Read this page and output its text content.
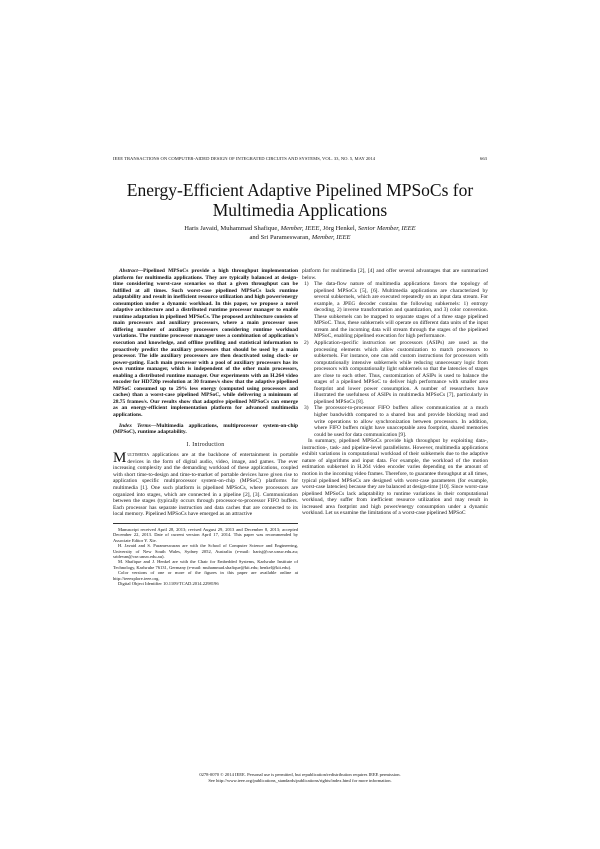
IEEE TRANSACTIONS ON COMPUTER-AIDED DESIGN OF INTEGRATED CIRCUITS AND SYSTEMS, VOL. 33, NO. 5, MAY 2014	663
Energy-Efficient Adaptive Pipelined MPSoCs for
Multimedia Applications
Haris Javaid, Muhammad Shafique, Member, IEEE, Jörg Henkel, Senior Member, IEEE
and Sri Parameswaran, Member, IEEE

Abstract—Pipelined MPSoCs provide a high throughput implementation platform for multimedia applications. They are typically balanced at design-time considering worst-case scenarios so that a given throughput can be fulfilled at all times. Such worst-case pipelined MPSoCs lack runtime adaptability and result in inefficient resource utilization and high power/energy consumption under a dynamic workload. In this paper, we propose a novel adaptive architecture and a distributed runtime processor manager to enable runtime adaptation in pipelined MPSoCs. The proposed architecture consists of main processors and auxiliary processors, where a main processor uses differing number of auxiliary processors considering runtime workload variations. The runtime processor manager uses a combination of application's execution and knowledge, and offline profiling and statistical information to proactively predict the auxiliary processors that should be used by a main processor. The idle auxiliary processors are then deactivated using clock- or power-gating. Each main processor with a pool of auxiliary processors has its own runtime manager, which is independent of the other main processors, enabling a distributed runtime manager. Our experiments with an H.264 video encoder for HD720p resolution at 30 frames/s show that the adaptive pipelined MPSoC consumed up to 29% less energy (computed using processors and caches) than a worst-case pipelined MPSoC, while delivering a minimum of 28.75 frames/s. Our results show that adaptive pipelined MPSoCs can emerge as an energy-efficient implementation platform for advanced multimedia applications.

Index Terms—Multimedia applications, multiprocessor system-on-chip (MPSoC), runtime adaptability.

I. Introduction

Multimedia applications are at the backbone of entertainment in portable devices in the form of digital audio, video, image, and games. The ever increasing complexity and the demanding workload of these applications, coupled with short time-to-design and time-to-market of portable devices have given rise to application specific multiprocessor system-on-chip (MPSoC) platforms for multimedia [1]. One such platform is pipelined MPSoCs, where processors are organized into stages, which are connected in a pipeline [2], [3]. Communication between the stages (typically occurs through processor-to-processor FIFO buffers. Each processor has separate instruction and data caches that are connected to its local memory. Pipelined MPSoCs have emerged as an attractive

Manuscript received April 28, 2013; revised August 29, 2013 and December 8, 2013; accepted December 22, 2013. Date of current version April 17, 2014. This paper was recommended by Associate Editor Y. Xie.

H. Javaid and S. Parameswaran are with the School of Computer Science and Engineering, University of New South Wales, Sydney 2052, Australia (e-mail: harisj@cse.unsw.edu.au; sridevan@cse.unsw.edu.au).

M. Shafique and J. Henkel are with the Chair for Embedded Systems, Karlsruhe Institute of Technology, Karlsruhe 76131, Germany (e-mail: muhammad.shafique@kit.edu; henkel@kit.edu).

Color versions of one or more of the figures in this paper are available online at http://ieeexplore.ieee.org.

Digital Object Identifier 10.1109/TCAD.2014.2298196

platform for multimedia [2], [4] and offer several advantages that are summarized below.

1) The data-flow nature of multimedia applications favors the topology of pipelined MPSoCs [5], [6]. Multimedia applications are characterized by several subkernels, which are executed repeatedly on an input data stream. For example, a JPEG decoder contains the following subkernels: 1) entropy decoding, 2) inverse transformation and quantization, and 3) color conversion. These subkernels can be mapped to separate stages of a three stage pipelined MPSoC. Thus, these subkernels will operate on different data units of the input stream and the incoming data will stream through the stages of the pipelined MPSoC, enabling pipelined execution for high performance.
2) Application-specific instruction set processors (ASIPs) are used as the processing elements which allow customization to match processors to subkernels. For instance, one can add custom instructions for processors with computationally intensive subkernels while reducing unnecessary logic from processors with computationally light subkernels so that the latencies of stages are close to each other. Thus, customization of ASIPs is used to balance the stages of a pipelined MPSoC to deliver high performance with smaller area footprint and lower power consumption. A number of researchers have illustrated the usefulness of ASIPs in multimedia MPSoCs [7], particularly in pipelined MPSoCs [8].
3) The processor-to-processor FIFO buffers allow communication at a much higher bandwidth compared to a shared bus and provide blocking read and write operations to allow synchronization between processors. In addition, where FIFO buffers might have unacceptable area footprint, shared memories could be used for data communication [9].

In summary, pipelined MPSoCs provide high throughput by exploiting data-, instruction-, task- and pipeline-level parallelisms. However, multimedia applications exhibit variations in computational workload of their subkernels due to the adaptive nature of algorithms and input data. For example, the workload of the motion estimation subkernel in H.264 video encoder varies depending on the amount of motion in the incoming video frames. Therefore, to guarantee throughput at all times, typical pipelined MPSoCs are designed with worst-case parameters (for example, worst-case latencies) because they are balanced at design-time [10]. Since worst-case pipelined MPSoCs lack adaptability to runtime variations in their computational workload, they suffer from inefficient resource utilization and may result in increased area footprint and high power/energy consumption under a dynamic workload. Let us examine the limitations of a worst-case pipelined MPSoC

0278-0070 © 2014 IEEE. Personal use is permitted, but republication/redistribution requires IEEE permission.
See http://www.ieee.org/publications_standards/publications/rights/index.html for more information.
